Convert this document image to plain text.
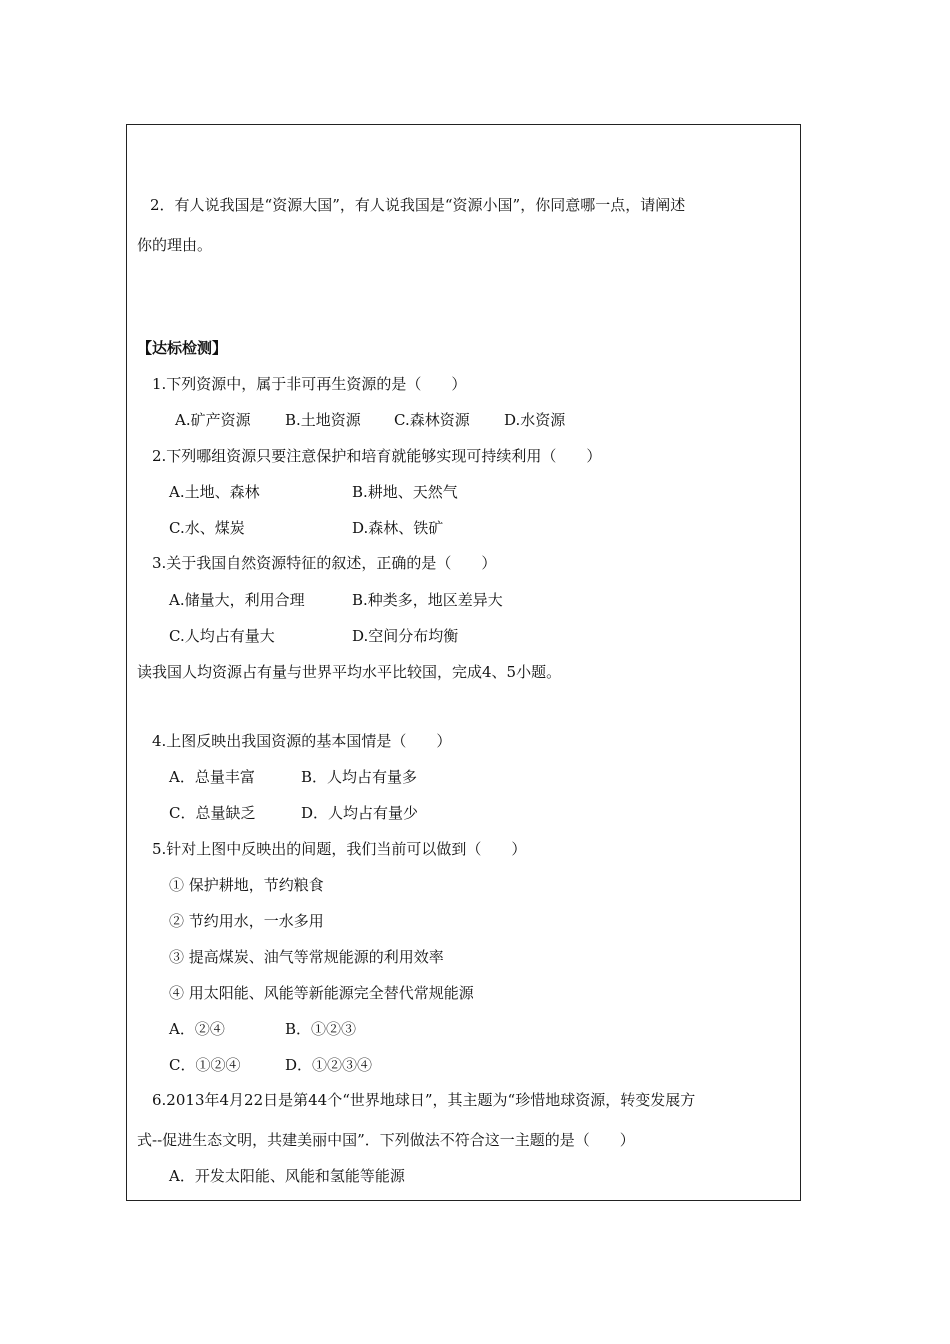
2．有人说我国是“资源大国”，有人说我国是“资源小国”，你同意哪一点，请阐述
你的理由。
【达标检测】
1.下列资源中，属于非可再生资源的是（　　）
A.矿产资源 B.土地资源 C.森林资源 D.水资源
2.下列哪组资源只要注意保护和培育就能够实现可持续利用（　　）
A.土地、森林	B.耕地、天然气
C.水、煤炭	D.森林、铁矿
3.关于我国自然资源特征的叙述，正确的是（　　）
A.储量大，利用合理	B.种类多，地区差异大
C.人均占有量大	D.空间分布均衡
读我国人均资源占有量与世界平均水平比较国，完成4、5小题。
4.上图反映出我国资源的基本国情是（　　）
A．总量丰富	B．人均占有量多
C．总量缺乏	D．人均占有量少
5.针对上图中反映出的间题，我们当前可以做到（　　）
① 保护耕地，节约粮食
② 节约用水，一水多用
③ 提高煤炭、油气等常规能源的利用效率
④ 用太阳能、风能等新能源完全替代常规能源
A．②④	B．①②③
C．①②④	D．①②③④
6.2013年4月22日是第44个“世界地球日”，其主题为“珍惜地球资源，转变发展方
式--促进生态文明，共建美丽中国”．下列做法不符合这一主题的是（　　）
A．开发太阳能、风能和氢能等能源
